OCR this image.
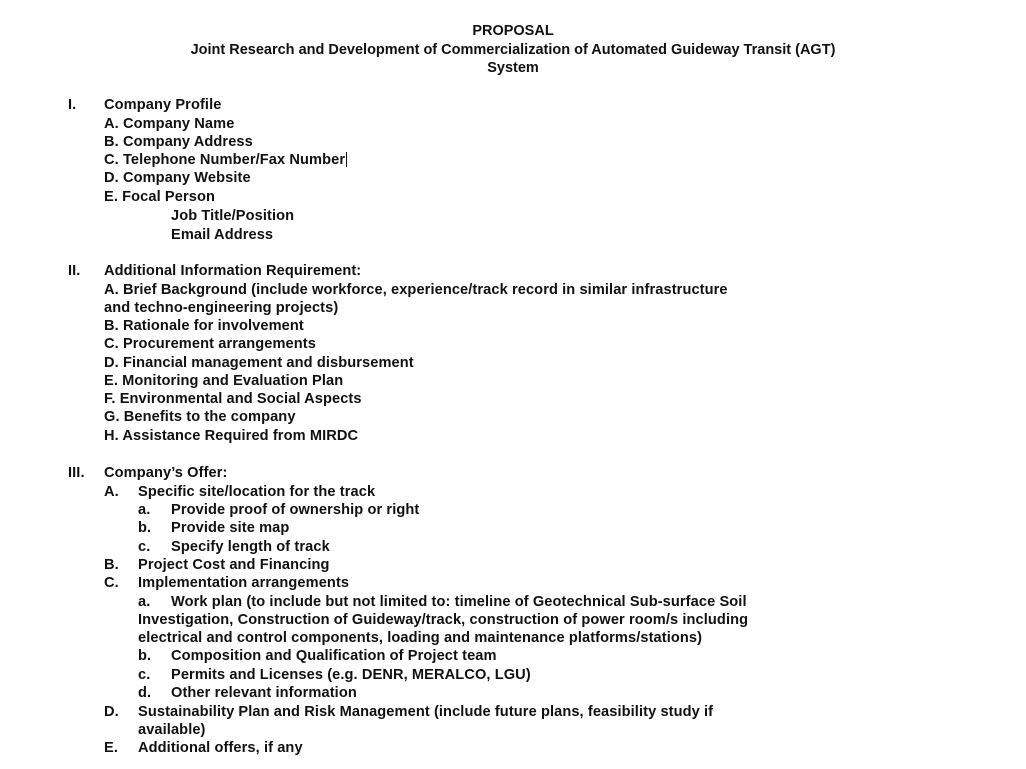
PROPOSAL
Joint Research and Development of Commercialization of Automated Guideway Transit (AGT)
System
I. Company Profile
A. Company Name
B. Company Address
C. Telephone Number/Fax Number
D. Company Website
E. Focal Person
Job Title/Position
Email Address
II. Additional Information Requirement:
A. Brief Background (include workforce, experience/track record in similar infrastructure
and techno-engineering projects)
B. Rationale for involvement
C. Procurement arrangements
D. Financial management and disbursement
E. Monitoring and Evaluation Plan
F. Environmental and Social Aspects
G. Benefits to the company
H. Assistance Required from MIRDC
III. Company’s Offer:
A. Specific site/location for the track
a. Provide proof of ownership or right
b. Provide site map
c. Specify length of track
B. Project Cost and Financing
C. Implementation arrangements
a. Work plan (to include but not limited to: timeline of Geotechnical Sub-surface Soil
Investigation, Construction of Guideway/track, construction of power room/s including
electrical and control components, loading and maintenance platforms/stations)
b. Composition and Qualification of Project team
c. Permits and Licenses (e.g. DENR, MERALCO, LGU)
d. Other relevant information
D. Sustainability Plan and Risk Management (include future plans, feasibility study if
available)
E. Additional offers, if any
